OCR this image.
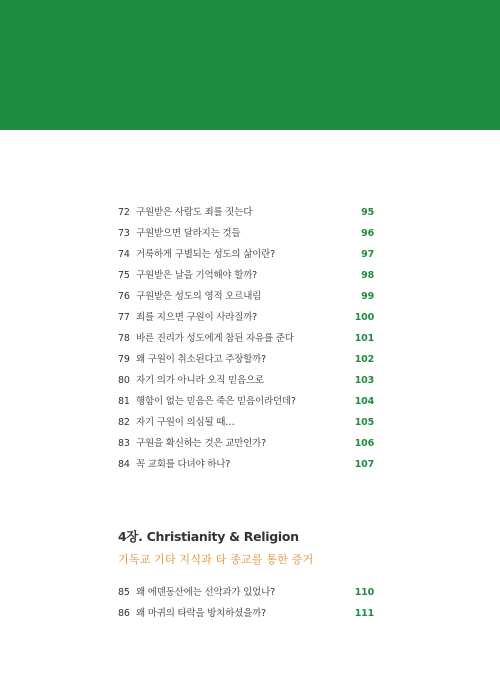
72 구원받은 사람도 죄를 짓는다	95
73 구원받으면 달라지는 것들	96
74 거룩하게 구별되는 성도의 삶이란?	97
75 구원받은 날을 기억해야 할까?	98
76 구원받은 성도의 영적 오르내림	99
77 죄를 지으면 구원이 사라질까?	100
78 바른 진리가 성도에게 참된 자유를 준다	101
79 왜 구원이 취소된다고 주장할까?	102
80 자기 의가 아니라 오직 믿음으로	103
81 행함이 없는 믿음은 죽은 믿음이라던데?	104
82 자기 구원이 의심될 때…	105
83 구원을 확신하는 것은 교만인가?	106
84 꼭 교회를 다녀야 하나?	107
4장. Christianity & Religion
기독교 기타 지식과 타 종교를 통한 증거
85 왜 에덴동산에는 선악과가 있었나?	110
86 왜 마귀의 타락을 방치하셨을까?	111
